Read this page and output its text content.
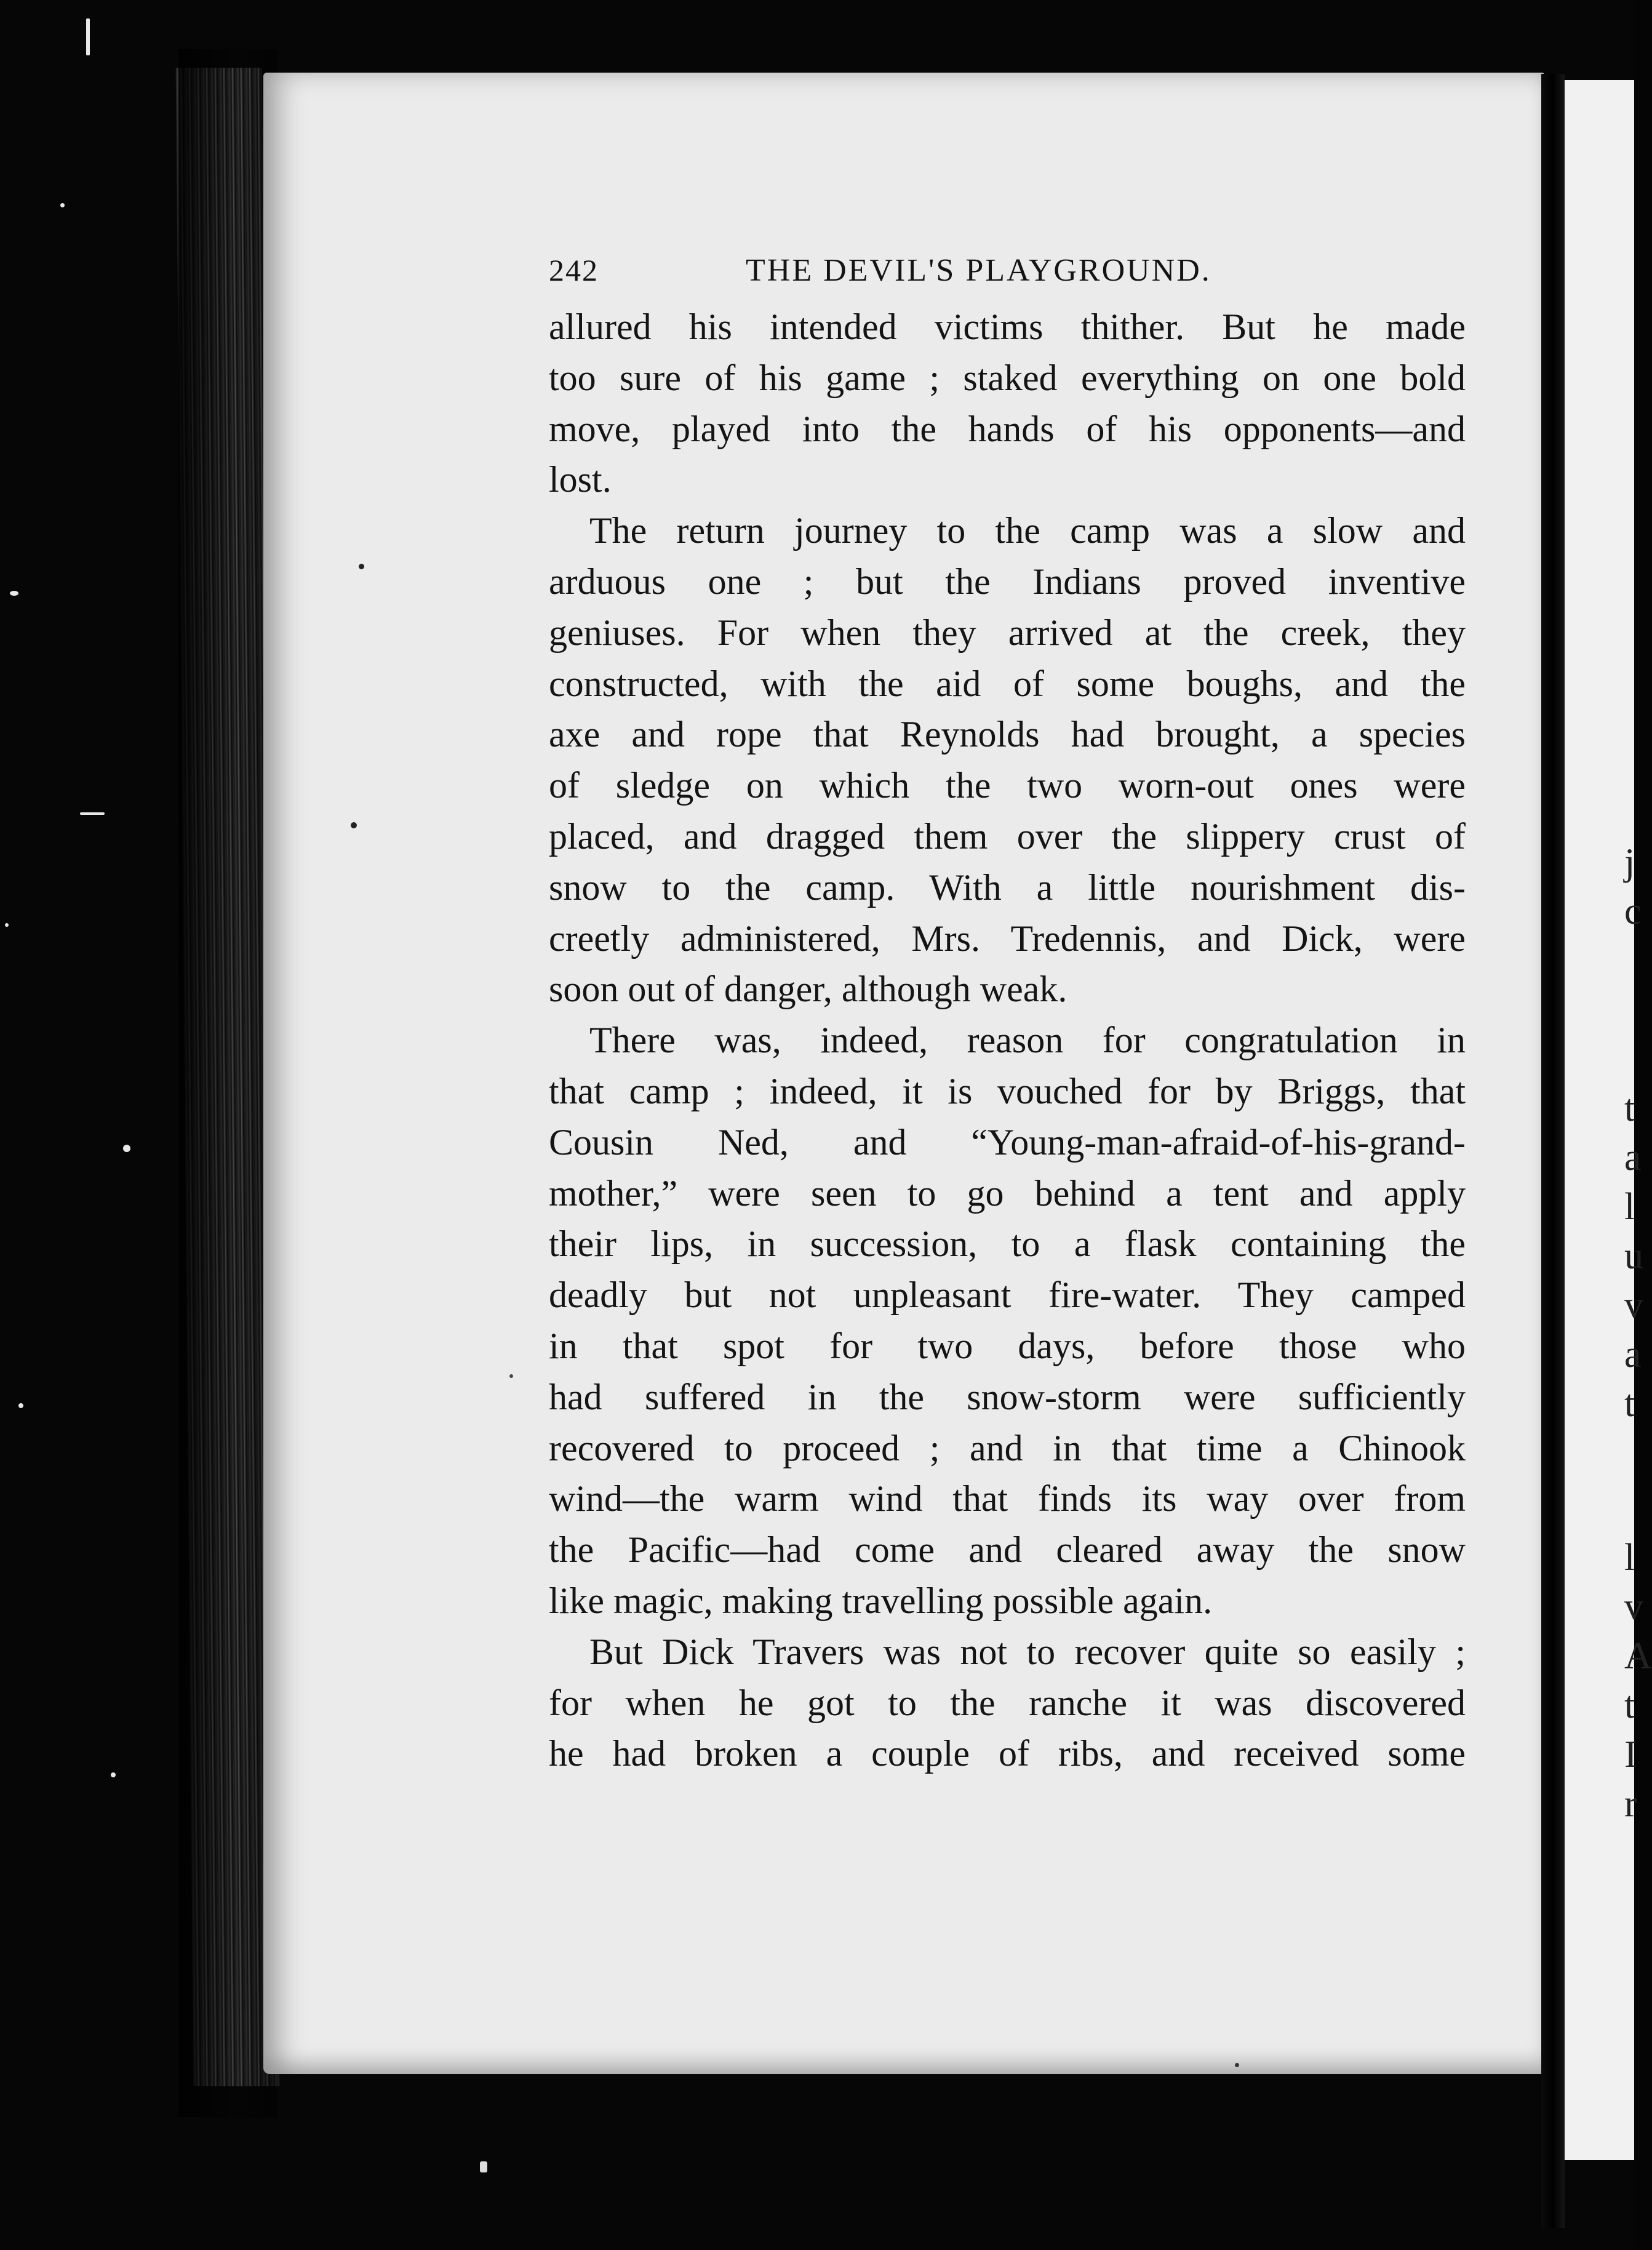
j
c
t
a
l
u
v
a
t
l
v
A
t
I
r
242	THE DEVIL'S PLAYGROUND.
allured his intended victims thither. But he made
too sure of his game ; staked everything on one bold
move, played into the hands of his opponents—and
lost.
The return journey to the camp was a slow and
arduous one ; but the Indians proved inventive
geniuses. For when they arrived at the creek, they
constructed, with the aid of some boughs, and the
axe and rope that Reynolds had brought, a species
of sledge on which the two worn-out ones were
placed, and dragged them over the slippery crust of
snow to the camp. With a little nourishment dis-
creetly administered, Mrs. Tredennis, and Dick, were
soon out of danger, although weak.
There was, indeed, reason for congratulation in
that camp ; indeed, it is vouched for by Briggs, that
Cousin Ned, and “Young-man-afraid-of-his-grand-
mother,” were seen to go behind a tent and apply
their lips, in succession, to a flask containing the
deadly but not unpleasant fire-water. They camped
in that spot for two days, before those who
had suffered in the snow-storm were sufficiently
recovered to proceed ; and in that time a Chinook
wind—the warm wind that finds its way over from
the Pacific—had come and cleared away the snow
like magic, making travelling possible again.
But Dick Travers was not to recover quite so easily ;
for when he got to the ranche it was discovered
he had broken a couple of ribs, and received some
